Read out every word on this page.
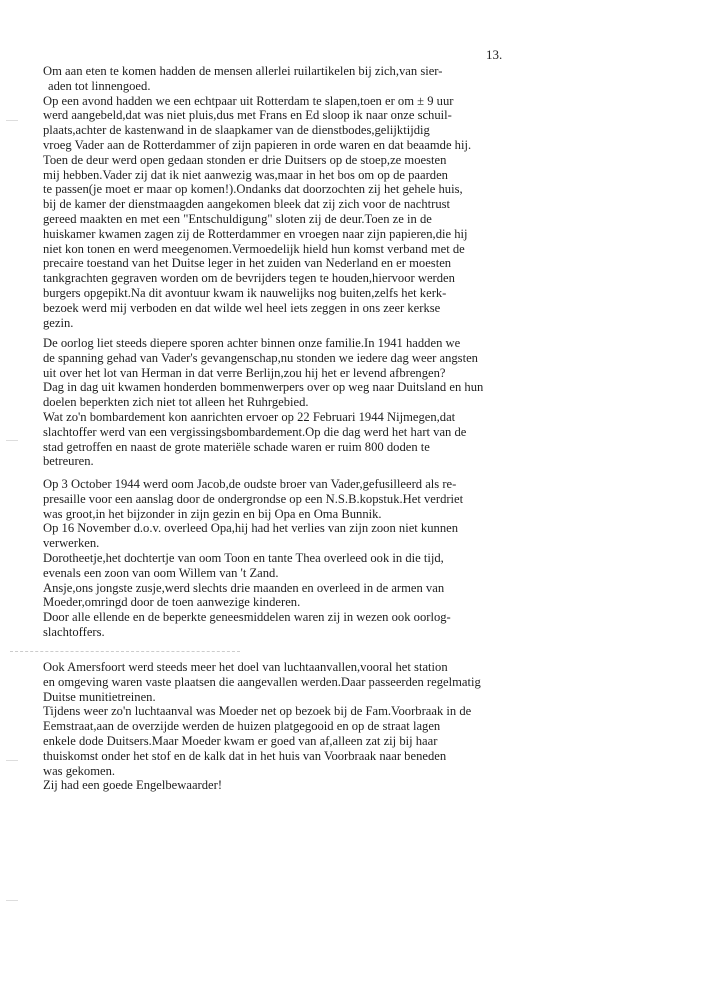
13.
Om aan eten te komen hadden de mensen allerlei ruilartikelen bij zich,van sier-
aden tot linnengoed.
Op een avond hadden we een echtpaar uit Rotterdam te slapen,toen er om ± 9 uur
werd aangebeld,dat was niet pluis,dus met Frans en Ed sloop ik naar onze schuil-
plaats,achter de kastenwand in de slaapkamer van de dienstbodes,gelijktijdig
vroeg Vader aan de Rotterdammer of zijn papieren in orde waren en dat beaamde hij.
Toen de deur werd open gedaan stonden er drie Duitsers op de stoep,ze moesten
mij hebben.Vader zij dat ik niet aanwezig was,maar in het bos om op de paarden
te passen(je moet er maar op komen!).Ondanks dat doorzochten zij het gehele huis,
bij de kamer der dienstmaagden aangekomen bleek dat zij zich voor de nachtrust
gereed maakten en met een "Entschuldigung" sloten zij de deur.Toen ze in de
huiskamer kwamen zagen zij de Rotterdammer en vroegen naar zijn papieren,die hij
niet kon tonen en werd meegenomen.Vermoedelijk hield hun komst verband met de
precaire toestand van het Duitse leger in het zuiden van Nederland en er moesten
tankgrachten gegraven worden om de bevrijders tegen te houden,hiervoor werden
burgers opgepikt.Na dit avontuur kwam ik nauwelijks nog buiten,zelfs het kerk-
bezoek werd mij verboden en dat wilde wel heel iets zeggen in ons zeer kerkse
gezin.
De oorlog liet steeds diepere sporen achter binnen onze familie.In 1941 hadden we
de spanning gehad van Vader's gevangenschap,nu stonden we iedere dag weer angsten
uit over het lot van Herman in dat verre Berlijn,zou hij het er levend afbrengen?
Dag in dag uit kwamen honderden bommenwerpers over op weg naar Duitsland en hun
doelen beperkten zich niet tot alleen het Ruhrgebied.
Wat zo'n bombardement kon aanrichten ervoer op 22 Februari 1944 Nijmegen,dat
slachtoffer werd van een vergissingsbombardement.Op die dag werd het hart van de
stad getroffen en naast de grote materiële schade waren er ruim 800 doden te
betreuren.
Op 3 October 1944 werd oom Jacob,de oudste broer van Vader,gefusilleerd als re-
presaille voor een aanslag door de ondergrondse op een N.S.B.kopstuk.Het verdriet
was groot,in het bijzonder in zijn gezin en bij Opa en Oma Bunnik.
Op 16 November d.o.v. overleed Opa,hij had het verlies van zijn zoon niet kunnen
verwerken.
Dorotheetje,het dochtertje van oom Toon en tante Thea overleed ook in die tijd,
evenals een zoon van oom Willem van 't Zand.
Ansje,ons jongste zusje,werd slechts drie maanden en overleed in de armen van
Moeder,omringd door de toen aanwezige kinderen.
Door alle ellende en de beperkte geneesmiddelen waren zij in wezen ook oorlog-
slachtoffers.
Ook Amersfoort werd steeds meer het doel van luchtaanvallen,vooral het station
en omgeving waren vaste plaatsen die aangevallen werden.Daar passeerden regelmatig
Duitse munitietreinen.
Tijdens weer zo'n luchtaanval was Moeder net op bezoek bij de Fam.Voorbraak in de
Eemstraat,aan de overzijde werden de huizen platgegooid en op de straat lagen
enkele dode Duitsers.Maar Moeder kwam er goed van af,alleen zat zij bij haar
thuiskomst onder het stof en de kalk dat in het huis van Voorbraak naar beneden
was gekomen.
Zij had een goede Engelbewaarder!
